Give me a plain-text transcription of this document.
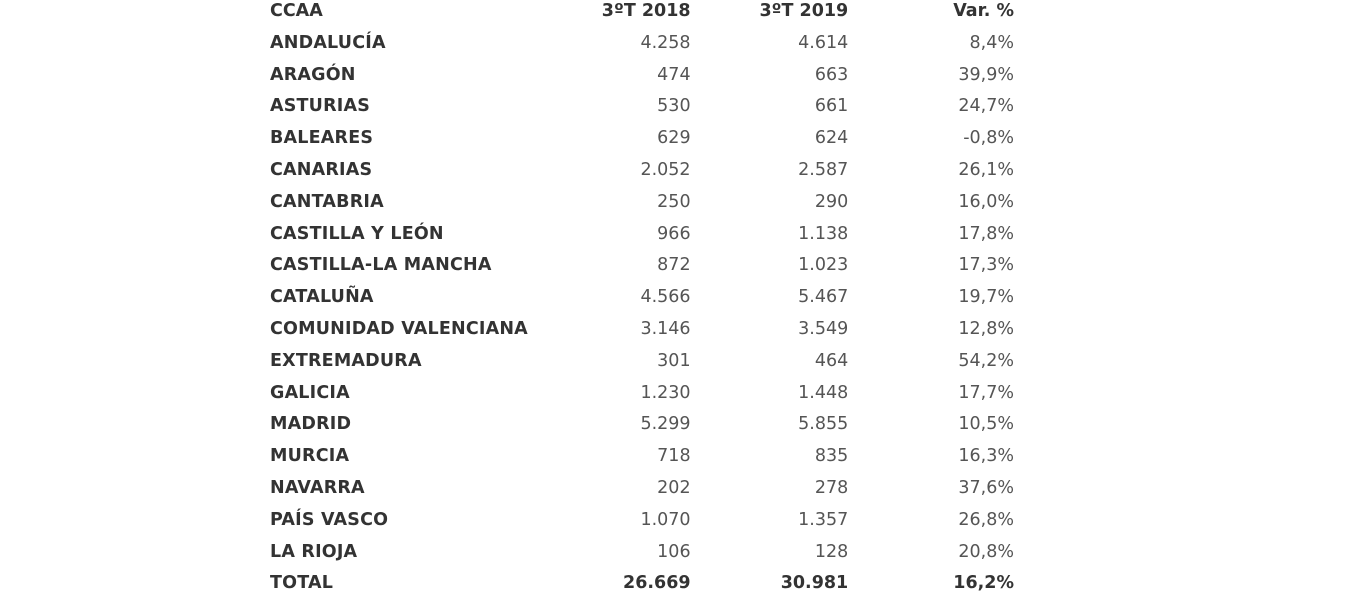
CCAA	3ºT 2018	3ºT 2019	Var. %
ANDALUCÍA	4.258	4.614	8,4%
ARAGÓN	474	663	39,9%
ASTURIAS	530	661	24,7%
BALEARES	629	624	-0,8%
CANARIAS	2.052	2.587	26,1%
CANTABRIA	250	290	16,0%
CASTILLA Y LEÓN	966	1.138	17,8%
CASTILLA-LA MANCHA	872	1.023	17,3%
CATALUÑA	4.566	5.467	19,7%
COMUNIDAD VALENCIANA	3.146	3.549	12,8%
EXTREMADURA	301	464	54,2%
GALICIA	1.230	1.448	17,7%
MADRID	5.299	5.855	10,5%
MURCIA	718	835	16,3%
NAVARRA	202	278	37,6%
PAÍS VASCO	1.070	1.357	26,8%
LA RIOJA	106	128	20,8%
TOTAL	26.669	30.981	16,2%
